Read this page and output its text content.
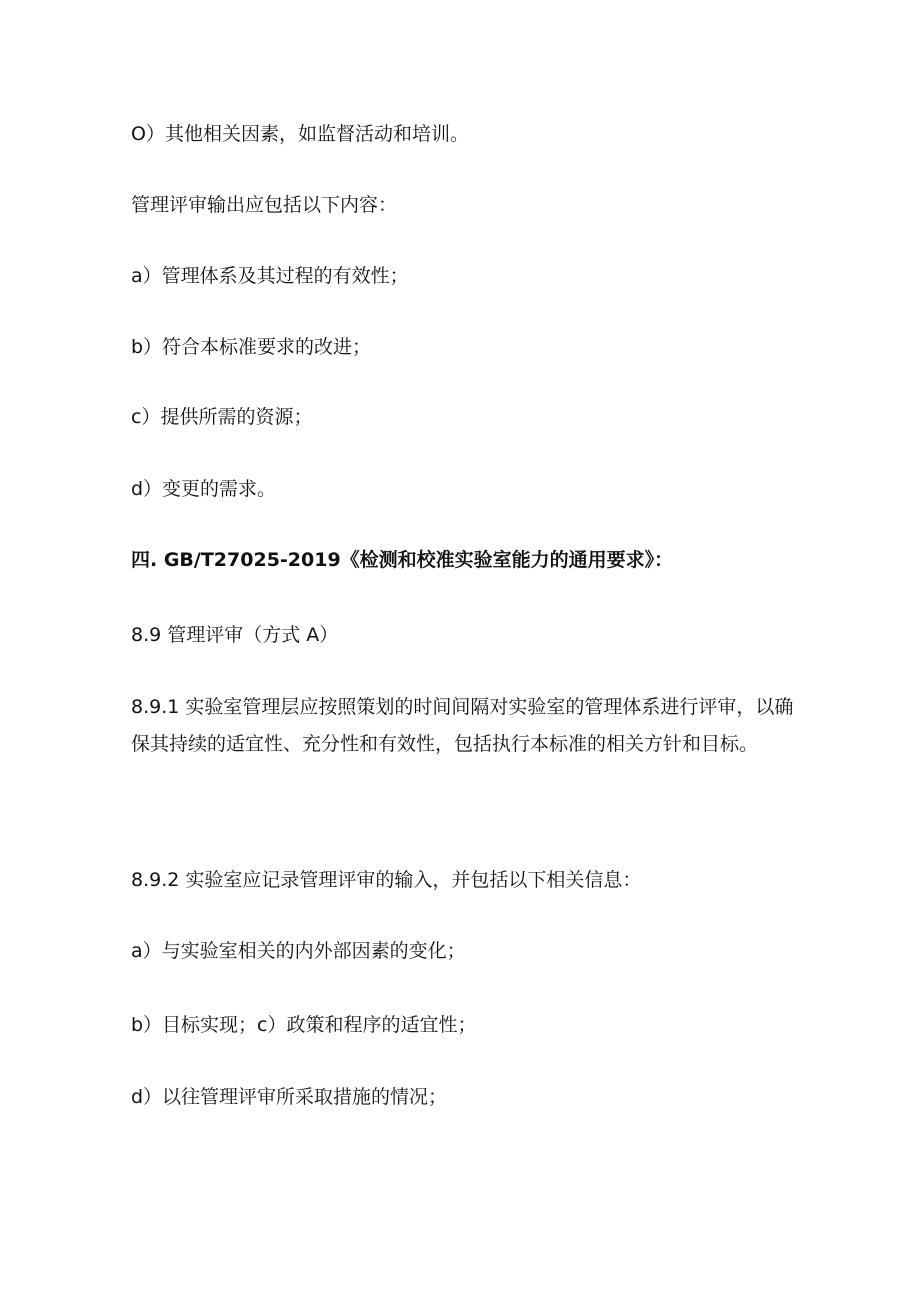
O）其他相关因素，如监督活动和培训。

管理评审输出应包括以下内容：

a）管理体系及其过程的有效性；

b）符合本标准要求的改进；

c）提供所需的资源；

d）变更的需求。

四. GB/T27025-2019《检测和校准实验室能力的通用要求》：

8.9 管理评审（方式 A）

8.9.1 实验室管理层应按照策划的时间间隔对实验室的管理体系进行评审，以确保其持续的适宜性、充分性和有效性，包括执行本标准的相关方针和目标。

8.9.2 实验室应记录管理评审的输入，并包括以下相关信息：

a）与实验室相关的内外部因素的变化；

b）目标实现；c）政策和程序的适宜性；

d）以往管理评审所采取措施的情况；
